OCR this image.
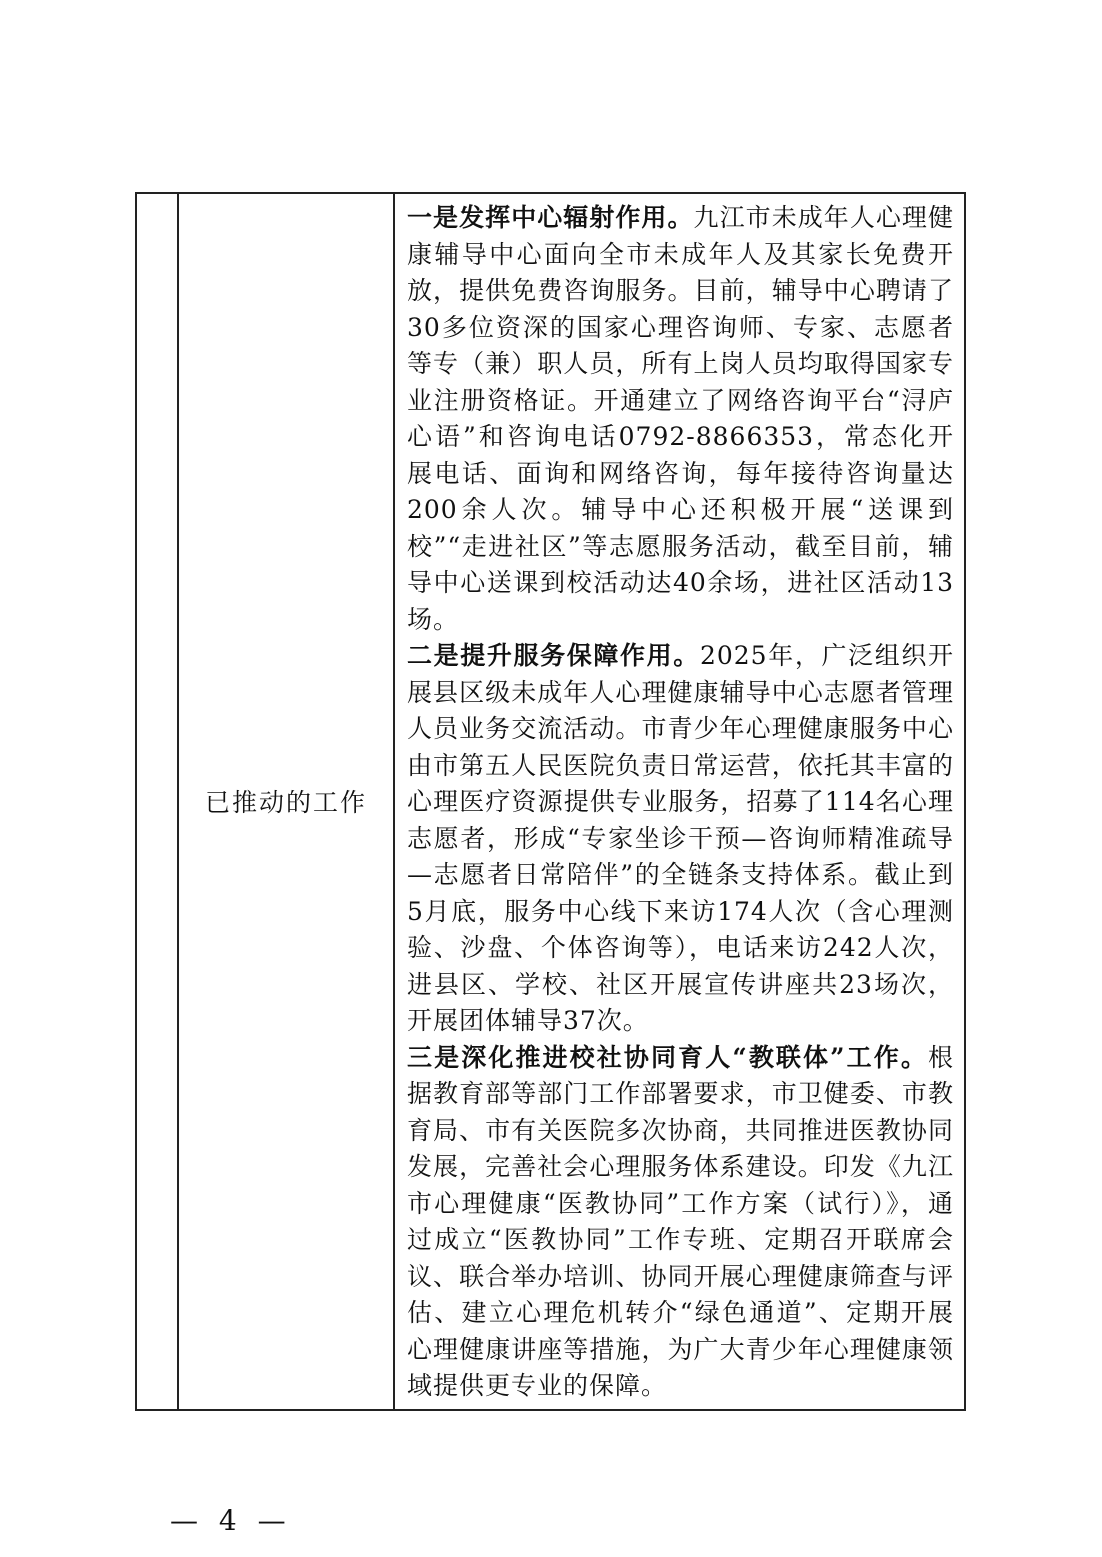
	已推动的工作	

一是发挥中心辐射作用。九江市未成年人心理健康辅导中心面向全市未成年人及其家长免费开放，提供免费咨询服务。目前，辅导中心聘请了30多位资深的国家心理咨询师、专家、志愿者等专（兼）职人员，所有上岗人员均取得国家专业注册资格证。开通建立了网络咨询平台“浔庐心语”和咨询电话0792-8866353，常态化开展电话、面询和网络咨询，每年接待咨询量达200余人次。辅导中心还积极开展“送课到校”“走进社区”等志愿服务活动，截至目前，辅导中心送课到校活动达40余场，进社区活动13场。

二是提升服务保障作用。2025年，广泛组织开展县区级未成年人心理健康辅导中心志愿者管理人员业务交流活动。市青少年心理健康服务中心由市第五人民医院负责日常运营，依托其丰富的心理医疗资源提供专业服务，招募了114名心理志愿者，形成“专家坐诊干预—咨询师精准疏导—志愿者日常陪伴”的全链条支持体系。截止到5月底，服务中心线下来访174人次（含心理测验、沙盘、个体咨询等），电话来访242人次，进县区、学校、社区开展宣传讲座共23场次，开展团体辅导37次。

三是深化推进校社协同育人“教联体”工作。根据教育部等部门工作部署要求，市卫健委、市教育局、市有关医院多次协商，共同推进医教协同发展，完善社会心理服务体系建设。印发《九江市心理健康“医教协同”工作方案（试行）》，通过成立“医教协同”工作专班、定期召开联席会议、联合举办培训、协同开展心理健康筛查与评估、建立心理危机转介“绿色通道”、定期开展心理健康讲座等措施，为广大青少年心理健康领域提供更专业的保障。

— 4 —
